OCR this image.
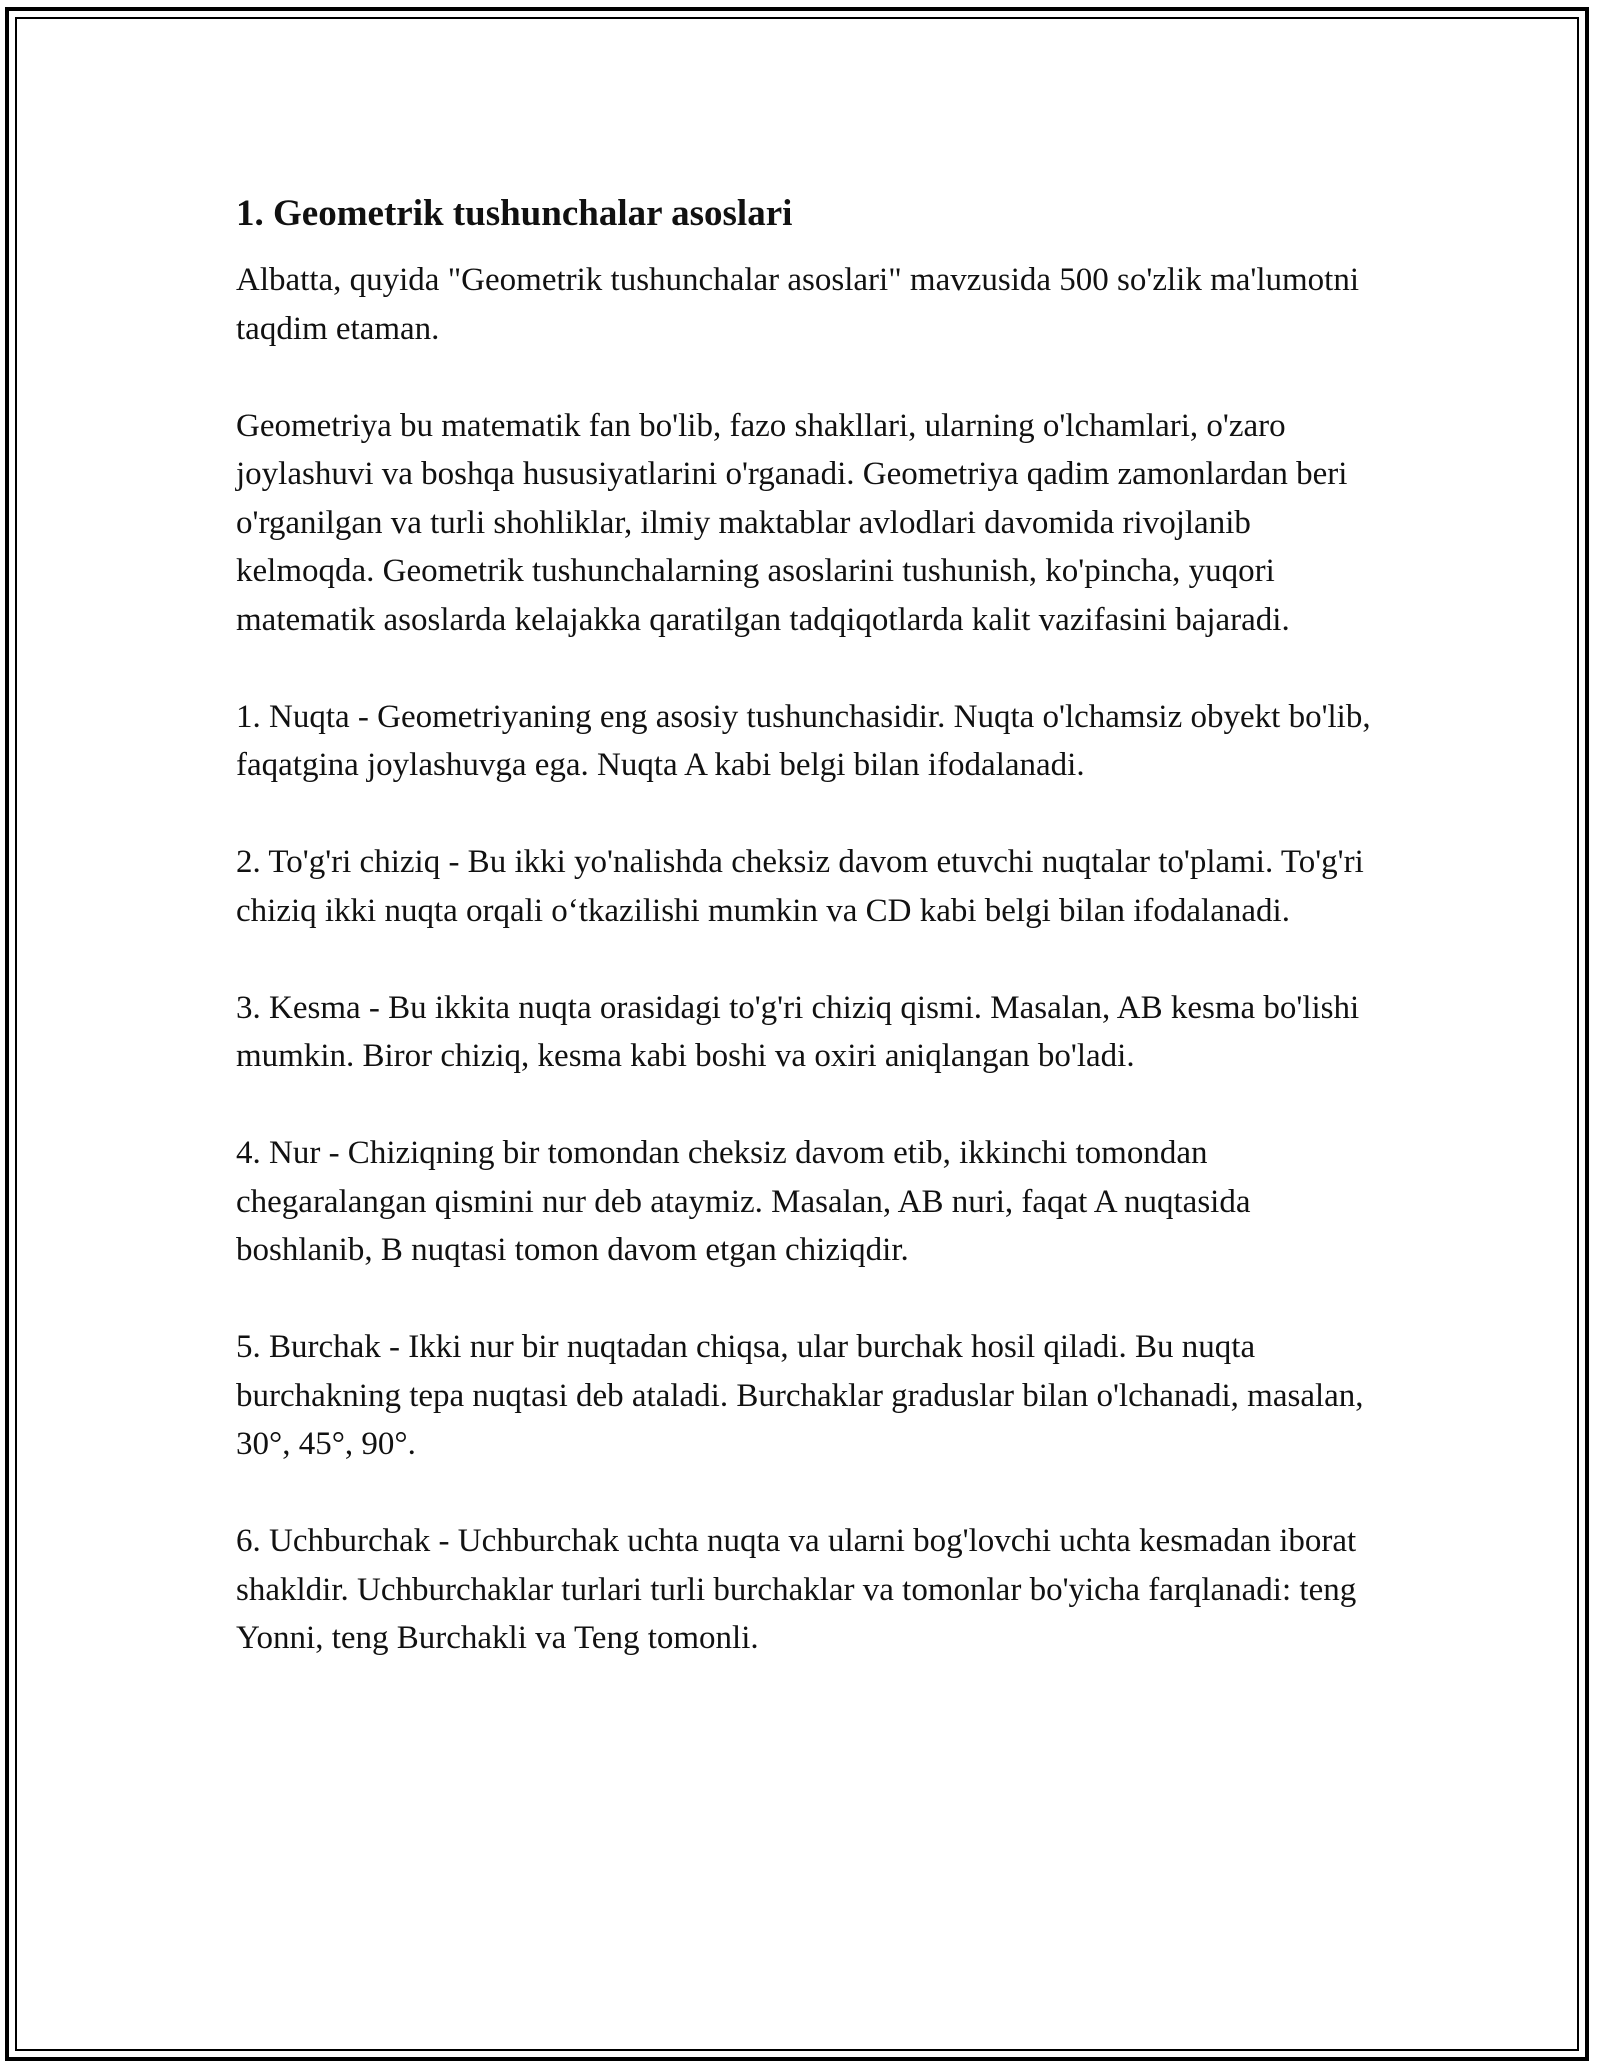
1. Geometrik tushunchalar asoslari

Albatta, quyida "Geometrik tushunchalar asoslari" mavzusida 500 so'zlik ma'lumotni taqdim etaman.

Geometriya bu matematik fan bo'lib, fazo shakllari, ularning o'lchamlari, o'zaro joylashuvi va boshqa hususiyatlarini o'rganadi. Geometriya qadim zamonlardan beri o'rganilgan va turli shohliklar, ilmiy maktablar avlodlari davomida rivojlanib kelmoqda. Geometrik tushunchalarning asoslarini tushunish, ko'pincha, yuqori matematik asoslarda kelajakka qaratilgan tadqiqotlarda kalit vazifasini bajaradi.

1. Nuqta - Geometriyaning eng asosiy tushunchasidir. Nuqta o'lchamsiz obyekt bo'lib, faqatgina joylashuvga ega. Nuqta A kabi belgi bilan ifodalanadi.

2. To'g'ri chiziq - Bu ikki yo'nalishda cheksiz davom etuvchi nuqtalar to'plami. To'g'ri chiziq ikki nuqta orqali o‘tkazilishi mumkin va CD kabi belgi bilan ifodalanadi.

3. Kesma - Bu ikkita nuqta orasidagi to'g'ri chiziq qismi. Masalan, AB kesma bo'lishi mumkin. Biror chiziq, kesma kabi boshi va oxiri aniqlangan bo'ladi.

4. Nur - Chiziqning bir tomondan cheksiz davom etib, ikkinchi tomondan chegaralangan qismini nur deb ataymiz. Masalan, AB nuri, faqat A nuqtasida boshlanib, B nuqtasi tomon davom etgan chiziqdir.

5. Burchak - Ikki nur bir nuqtadan chiqsa, ular burchak hosil qiladi. Bu nuqta burchakning tepa nuqtasi deb ataladi. Burchaklar graduslar bilan o'lchanadi, masalan, 30°, 45°, 90°.

6. Uchburchak - Uchburchak uchta nuqta va ularni bog'lovchi uchta kesmadan iborat shakldir. Uchburchaklar turlari turli burchaklar va tomonlar bo'yicha farqlanadi: teng Yonni, teng Burchakli va Teng tomonli.
